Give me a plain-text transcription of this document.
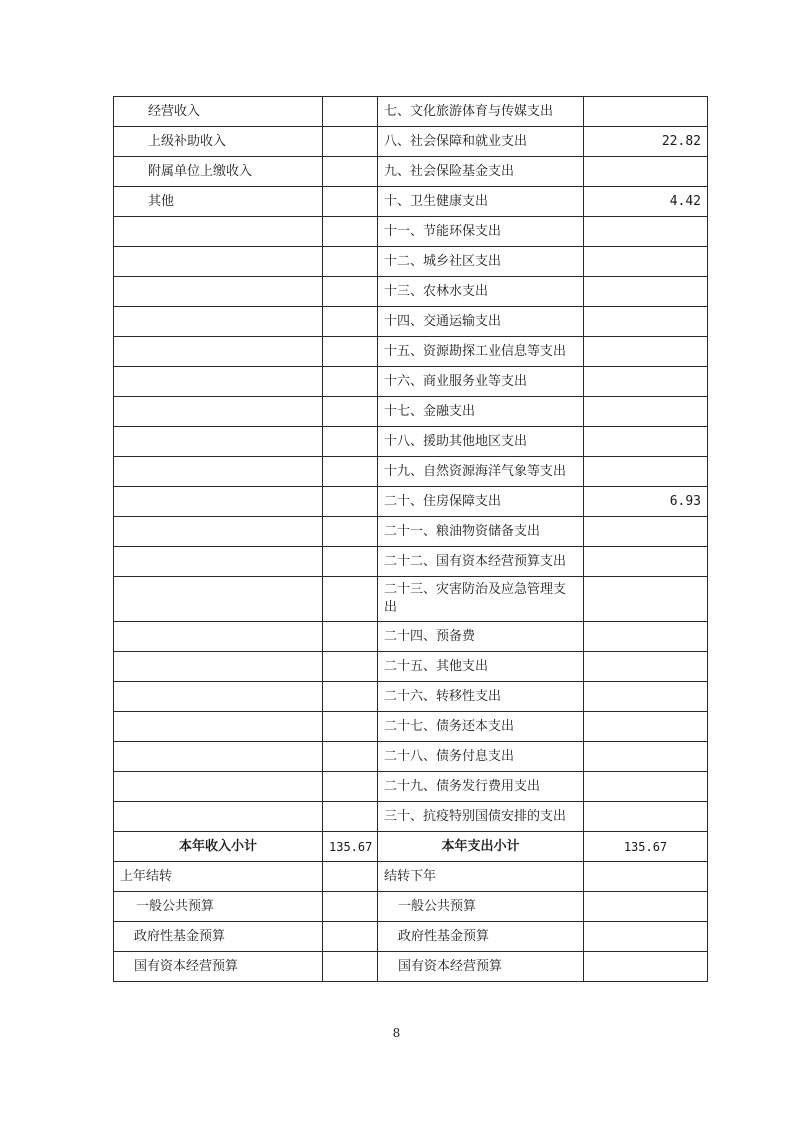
经营收入		七、文化旅游体育与传媒支出	
上级补助收入		八、社会保障和就业支出	22.82
附属单位上缴收入		九、社会保险基金支出	
其他		十、卫生健康支出	4.42
		十一、节能环保支出	
		十二、城乡社区支出	
		十三、农林水支出	
		十四、交通运输支出	
		十五、资源勘探工业信息等支出	
		十六、商业服务业等支出	
		十七、金融支出	
		十八、援助其他地区支出	
		十九、自然资源海洋气象等支出	
		二十、住房保障支出	6.93
		二十一、粮油物资储备支出	
		二十二、国有资本经营预算支出	
		二十三、灾害防治及应急管理支出	
		二十四、预备费	
		二十五、其他支出	
		二十六、转移性支出	
		二十七、债务还本支出	
		二十八、债务付息支出	
		二十九、债务发行费用支出	
		三十、抗疫特别国债安排的支出	
本年收入小计	135.67	本年支出小计	135.67
上年结转		结转下年	
一般公共预算		一般公共预算	
政府性基金预算		政府性基金预算	
国有资本经营预算		国有资本经营预算	
8
